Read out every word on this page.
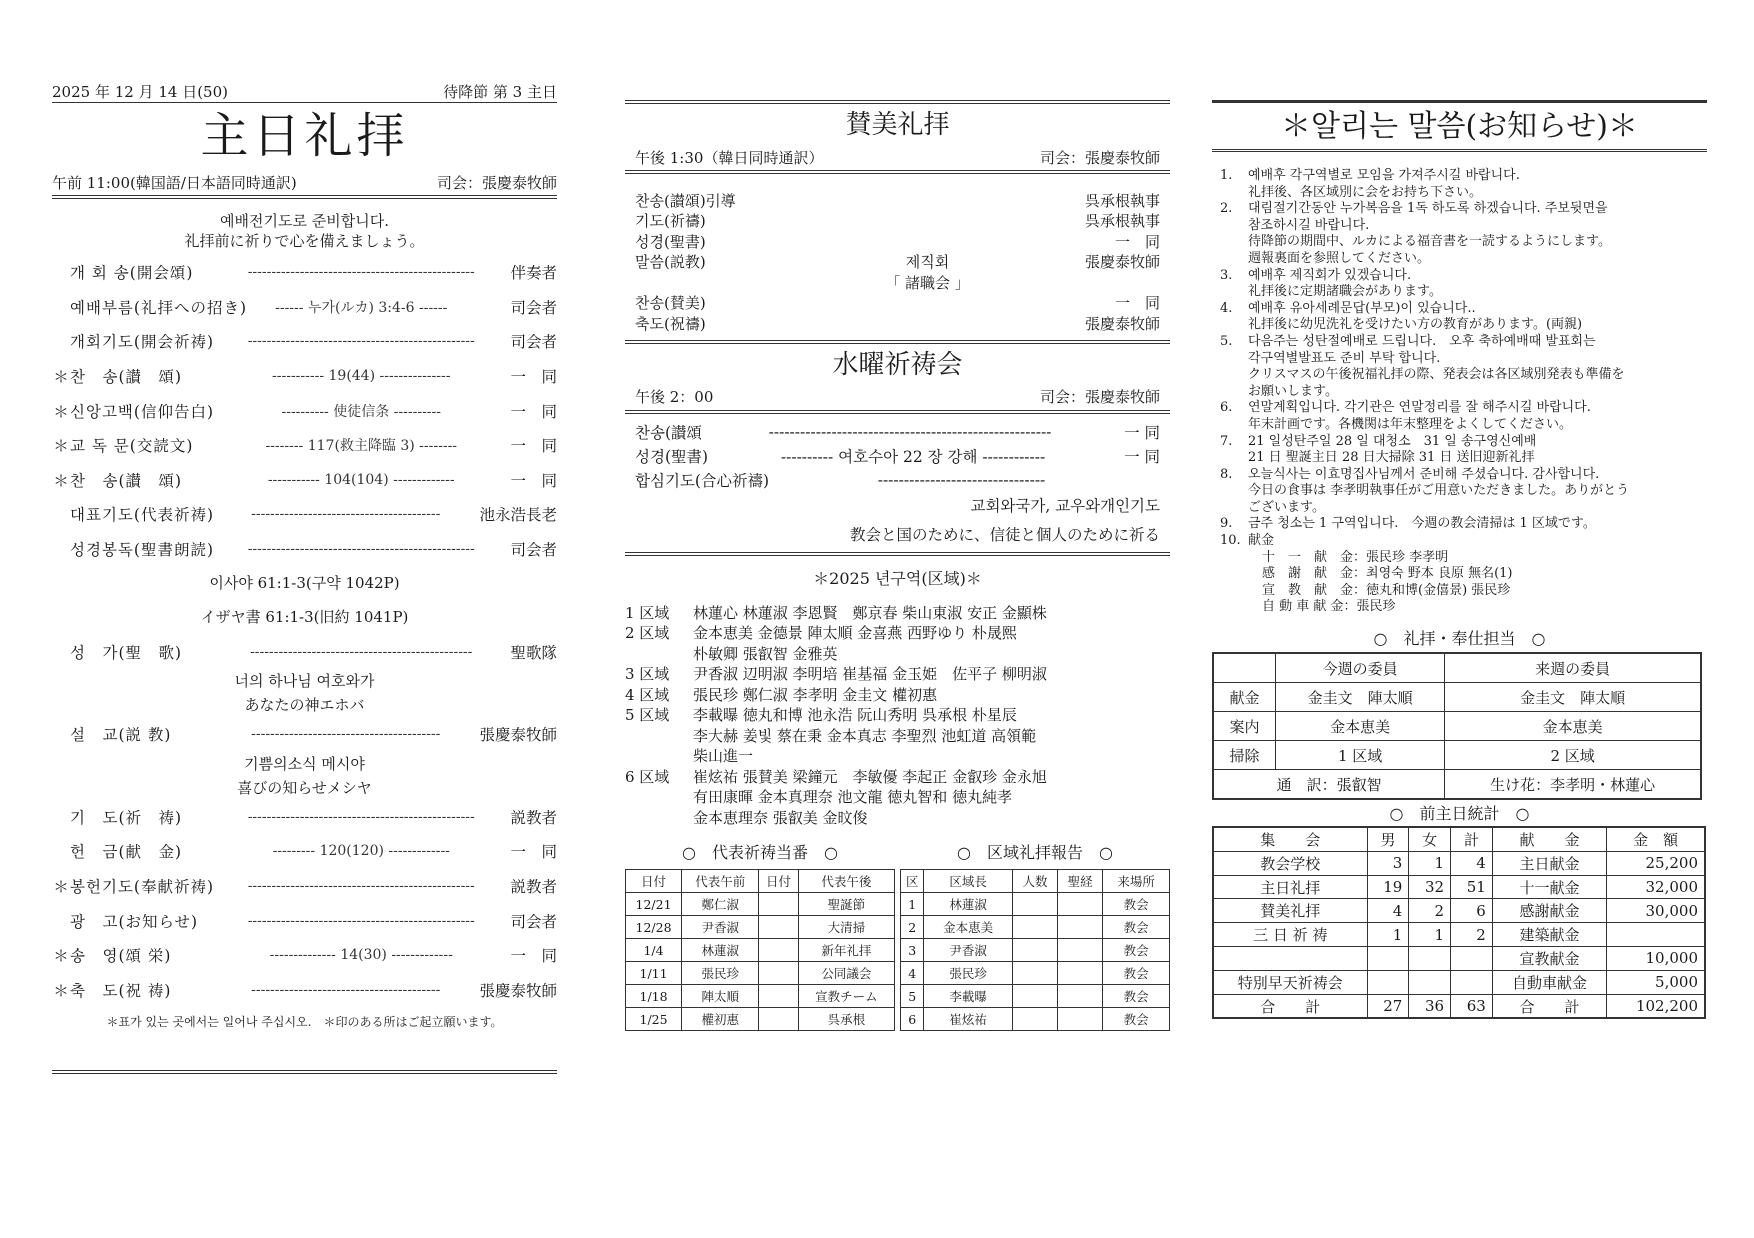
2025 年 12 月 14 日(50)	待降節 第 3 主日
主日礼拝
午前 11:00(韓国語/日本語同時通訳)	司会：張慶泰牧師
예배전기도로 준비합니다.
礼拝前に祈りで心を備えましょう。
개 회 송(開会頌)	------------------------------------------------	伴奏者
예배부름(礼拝への招き)	------ 누가(ルカ) 3:4-6 ------	司会者
개회기도(開会祈祷)	------------------------------------------------	司会者
＊ 찬　송(讃　頌)	----------- 19(44) ---------------	一　同
＊ 신앙고백(信仰告白)	---------- 使徒信条 ----------	一　同
＊ 교 독 문(交読文)	-------- 117(救主降臨 3) --------	一　同
＊ 찬　송(讃　頌)	----------- 104(104) -------------	一　同
대표기도(代表祈祷)	----------------------------------------	池永浩長老
성경봉독(聖書朗読)	------------------------------------------------	司会者
이사야 61:1-3(구약 1042P)
イザヤ書 61:1-3(旧約 1041P)
성　가(聖　歌)	-----------------------------------------------	聖歌隊
너의 하나님 여호와가
あなたの神エホバ
설　교(説 教)	----------------------------------------	張慶泰牧師
기쁨의소식 메시야
喜びの知らせメシヤ
기　도(祈　祷)	------------------------------------------------	説教者
헌　금(献　金)	--------- 120(120) -------------	一　同
＊ 봉헌기도(奉献祈祷)	------------------------------------------------	説教者
광　고(お知らせ)	------------------------------------------------	司会者
＊ 송　영(頌 栄)	-------------- 14(30) -------------	一　同
＊ 축　도(祝 祷)	----------------------------------------	張慶泰牧師
＊표가 있는 곳에서는 일어나 주십시오.　＊印のある所はご起立願います。
賛美礼拝
午後 1:30（韓日同時通訳）	司会：張慶泰牧師
찬송(讃頌)引導	呉承根執事
기도(祈禱)	呉承根執事
성경(聖書)	一　同
말씀(説教)	제직회	張慶泰牧師
「 諸職会 」
찬송(賛美)	一　同
축도(祝禱)	張慶泰牧師
水曜祈祷会
午後 2：00	司会：張慶泰牧師
찬송(讃頌	------------------------------------------------------	一 同
성경(聖書)	---------- 여호수아 22 장 강해 ------------	一 同
합심기도(合心祈禱)	--------------------------------
교회와국가, 교우와개인기도
教会と国のために、信徒と個人のために祈る
＊2025 년구역(区域)＊
1 区域	林蓮心 林蓮淑 李恩賢　鄭京春 柴山東淑 安正 金顯株
2 区域	金本恵美 金德景 陣太順 金喜燕 西野ゆり 朴晟熙
朴敏卿 張叡智 金雅英
3 区域	尹香淑 辺明淑 李明培 崔基福 金玉姫　佐平子 柳明淑
4 区域	張民珍 鄭仁淑 李孝明 金圭文 權初惠
5 区域	李載曝 徳丸和博 池永浩 阮山秀明 呉承根 朴星辰
李大赫 姜빛 蔡在秉 金本真志 李聖烈 池虹道 高領範
柴山進一
6 区域	崔炫祐 張賛美 梁鐘元　李敏優 李起正 金叡珍 金永旭
有田康暉 金本真理奈 池文龍 徳丸智和 徳丸純孝
金本恵理奈 張叡美 金旼俊
○　代表祈祷当番　○
日付	代表午前	日付	代表午後
12/21	鄭仁淑		聖誕節
12/28	尹香淑		大清掃
1/4	林蓮淑		新年礼拝
1/11	張民珍		公同議会
1/18	陣太順		宣教チーム
1/25	權初惠		呉承根
○　区域礼拝報告　○
区	区域長	人数	聖経	来場所
1	林蓮淑			教会
2	金本恵美			教会
3	尹香淑			教会
4	張民珍			教会
5	李載曝			教会
6	崔炫祐			教会
＊알리는 말씀(お知らせ)＊
1.	예배후 각구역별로 모임을 가져주시길 바랍니다.
礼拝後、各区域別に会をお持ち下さい。
2.	대림절기간동안 누가복음을 1독 하도록 하겠습니다. 주보뒷면을
참조하시길 바랍니다.
待降節の期間中、ルカによる福音書を一読するようにします。
週報裏面を参照してください。
3.	예배후 제직회가 있겠습니다.
礼拝後に定期諸職会があります。
4.	예배후 유아세례문답(부모)이 있습니다..
礼拝後に幼児洗礼を受けたい方の教育があります。(両親)
5.	다음주는 성탄절예배로 드립니다.　오후 축하예배때 발표회는
각구역별발표도 준비 부탁 합니다.
クリスマスの午後祝福礼拝の際、発表会は各区域別発表も準備を
お願いします。
6.	연말계획입니다. 각기관은 연말정리를 잘 해주시길 바랍니다.
年末計画です。各機関は年末整理をよくしてください。
7.	21 일성탄주일 28 일 대청소　31 일 송구영신예배
21 日 聖誕主日 28 日大掃除 31 日 送旧迎新礼拝
8.	오늘식사는 이효명집사님께서 준비해 주셨습니다. 감사합니다.
今日の食事は 李孝明執事任がご用意いただきました。ありがとう
ございます。
9.	금주 청소는 1 구역입니다.　今週の教会清掃は 1 区域です。
10. 献金
十　一　献　金： 張民珍 李孝明
感　謝　献　金： 최영숙 野本 良原 無名(1)
宣　教　献　金： 徳丸和博(金僖景) 張民珍
自 動 車 献 金： 張民珍
○　礼拝・奉仕担当　○
	今週の委員	来週の委員
献金	金圭文　陣太順	金圭文　陣太順
案内	金本恵美	金本恵美
掃除	1 区域	2 区域
通　訳：張叡智		生け花：李孝明・林蓮心
○　前主日統計　○
集　　会	男	女	計	献　　金	金　額
教会学校	3	1	4	主日献金	25,200
主日礼拝	19	32	51	十一献金	32,000
賛美礼拝	4	2	6	感謝献金	30,000
三 日 祈 祷	1	1	2	建築献金	
				宣教献金	10,000
特別早天祈祷会				自動車献金	5,000
合　　計	27	36	63	合　　計	102,200
